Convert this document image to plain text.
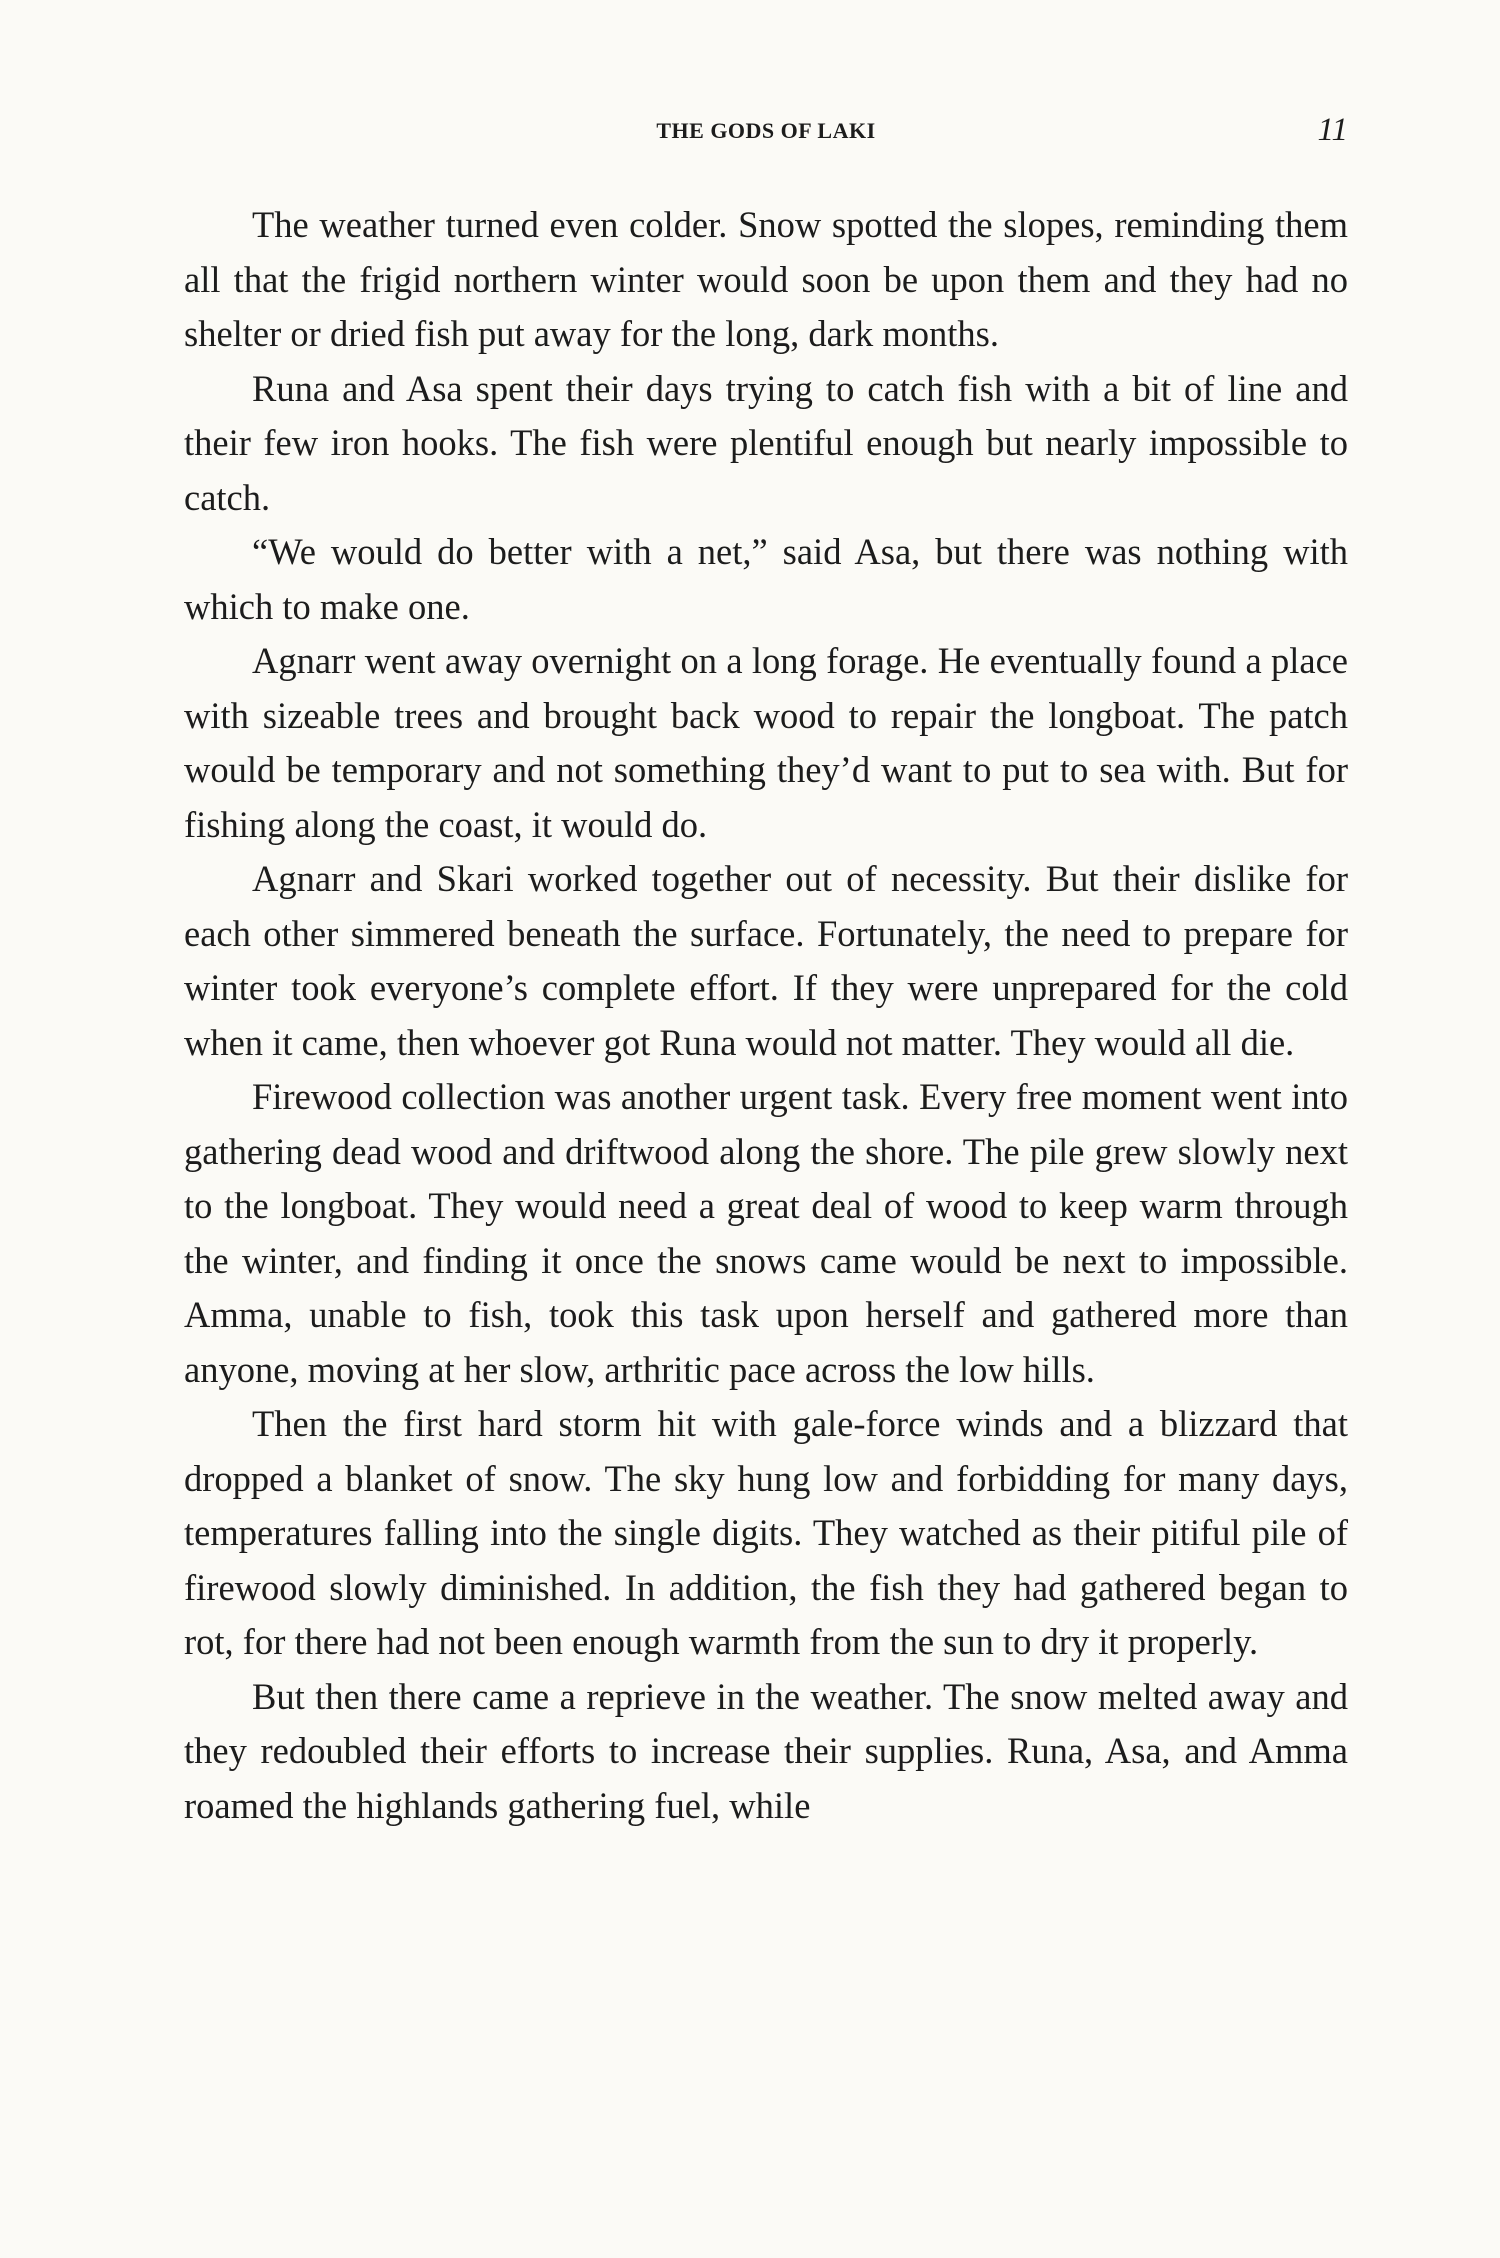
THE GODS OF LAKI	11

The weather turned even colder. Snow spotted the slopes, reminding them all that the frigid northern winter would soon be upon them and they had no shelter or dried fish put away for the long, dark months.

Runa and Asa spent their days trying to catch fish with a bit of line and their few iron hooks. The fish were plentiful enough but nearly impossible to catch.

“We would do better with a net,” said Asa, but there was nothing with which to make one.

Agnarr went away overnight on a long forage. He eventually found a place with sizeable trees and brought back wood to repair the longboat. The patch would be temporary and not something they’d want to put to sea with. But for fishing along the coast, it would do.

Agnarr and Skari worked together out of necessity. But their dislike for each other simmered beneath the surface. Fortunately, the need to prepare for winter took everyone’s complete effort. If they were unprepared for the cold when it came, then whoever got Runa would not matter. They would all die.

Firewood collection was another urgent task. Every free moment went into gathering dead wood and driftwood along the shore. The pile grew slowly next to the longboat. They would need a great deal of wood to keep warm through the winter, and finding it once the snows came would be next to impossible. Amma, unable to fish, took this task upon herself and gathered more than anyone, moving at her slow, arthritic pace across the low hills.

Then the first hard storm hit with gale-force winds and a blizzard that dropped a blanket of snow. The sky hung low and forbidding for many days, temperatures falling into the single digits. They watched as their pitiful pile of firewood slowly diminished. In addition, the fish they had gathered began to rot, for there had not been enough warmth from the sun to dry it properly.

But then there came a reprieve in the weather. The snow melted away and they redoubled their efforts to increase their supplies. Runa, Asa, and Amma roamed the highlands gathering fuel, while
